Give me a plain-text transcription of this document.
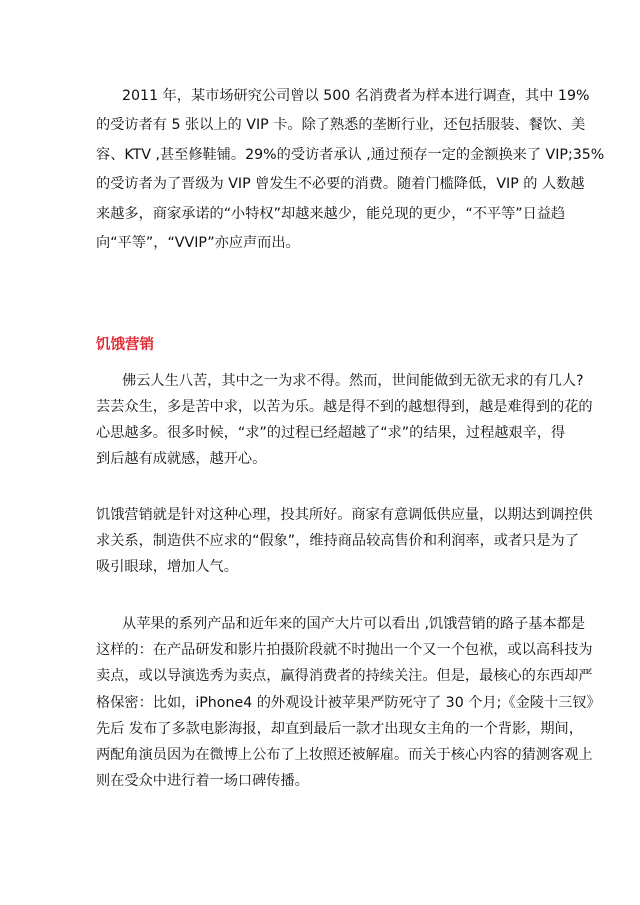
2011 年，某市场研究公司曾以 500 名消费者为样本进行调查，其中 19%
的受访者有 5 张以上的 VIP 卡。除了熟悉的垄断行业，还包括服装、餐饮、美
容、KTV ,甚至修鞋铺。29%的受访者承认 ,通过预存一定的金额换来了 VIP;35%
的受访者为了晋级为 VIP 曾发生不必要的消费。随着门槛降低，VIP 的 人数越
来越多，商家承诺的“小特权”却越来越少，能兑现的更少，“不平等”日益趋
向“平等”，“VVIP”亦应声而出。
饥饿营销
佛云人生八苦，其中之一为求不得。然而，世间能做到无欲无求的有几人?
芸芸众生，多是苦中求，以苦为乐。越是得不到的越想得到，越是难得到的花的
心思越多。很多时候，“求”的过程已经超越了“求”的结果，过程越艰辛，得
到后越有成就感，越开心。
饥饿营销就是针对这种心理，投其所好。商家有意调低供应量，以期达到调控供
求关系，制造供不应求的“假象”，维持商品较高售价和利润率，或者只是为了
吸引眼球，增加人气。
从苹果的系列产品和近年来的国产大片可以看出 ,饥饿营销的路子基本都是
这样的：在产品研发和影片拍摄阶段就不时抛出一个又一个包袱，或以高科技为
卖点，或以导演选秀为卖点，赢得消费者的持续关注。但是，最核心的东西却严
格保密：比如，iPhone4 的外观设计被苹果严防死守了 30 个月;《金陵十三钗》
先后 发布了多款电影海报，却直到最后一款才出现女主角的一个背影，期间，
两配角演员因为在微博上公布了上妆照还被解雇。而关于核心内容的猜测客观上
则在受众中进行着一场口碑传播。
